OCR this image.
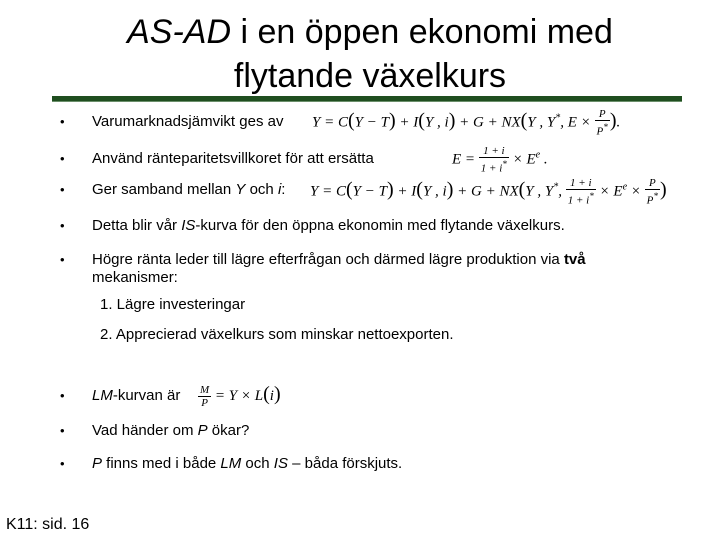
AS-AD i en öppen ekonomi med
flytande växelkurs
•	Varumarknadsjämvikt ges av Y = C(Y − T) + I(Y , i) + G + NX(Y , Y*, $E \times \frac{P}{P^*}$ ).
•	Använd ränteparitetsvillkoret för att ersätta	$E = \frac{1 + i}{1 + i^*} \times E^e$ .
•	Ger samband mellan Y och i: Y = C(Y − T) + I(Y , i) + G + NX(Y , Y*, $\frac{1 + i}{1 + i^*} \times E^e \times \frac{P}{P^*}$ )
•	Detta blir vår IS-kurva för den öppna ekonomin med flytande växelkurs.
•	Högre ränta leder till lägre efterfrågan och därmed lägre produktion via två mekanismer:
1. Lägre investeringar
2. Apprecierad växelkurs som minskar nettoexporten.
•	LM-kurvan är $\frac{M}{P} = Y \times L(i)$
•	Vad händer om P ökar?
•	P finns med i både LM och IS – båda förskjuts.
K11: sid. 16
